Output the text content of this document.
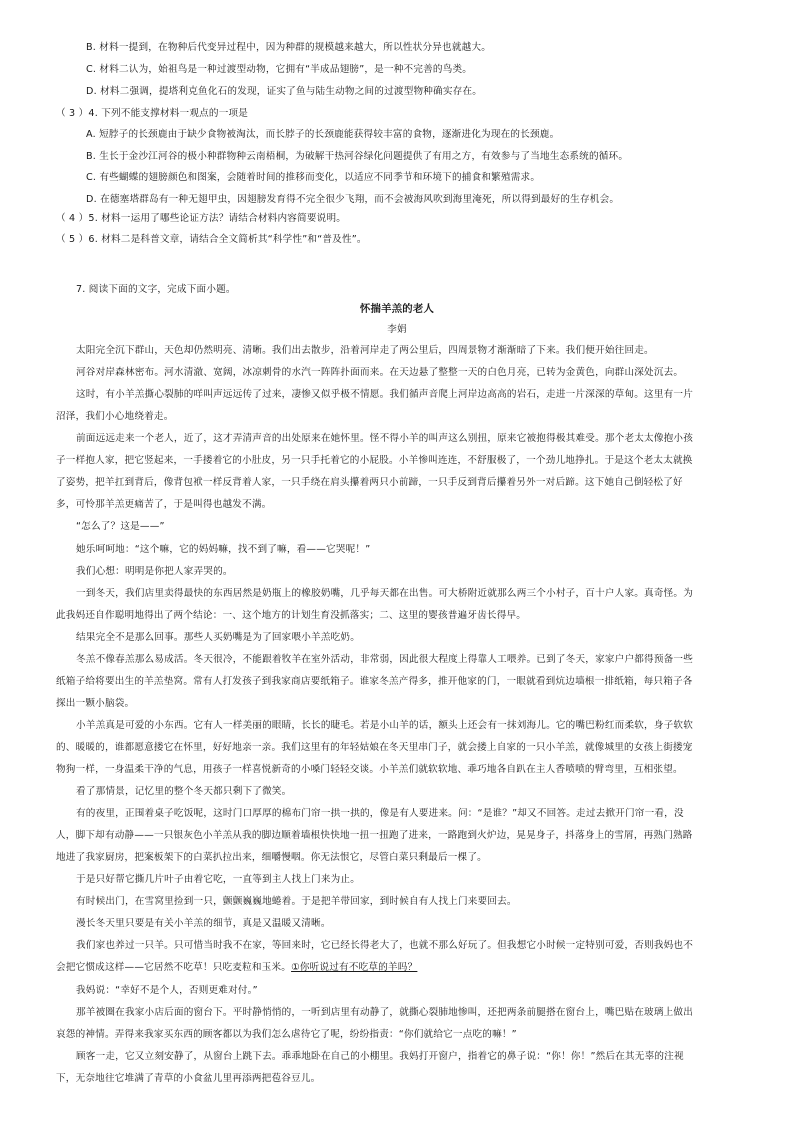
B. 材料一提到，在物种后代变异过程中，因为种群的规模越来越大，所以性状分异也就越大。
C. 材料二认为，始祖鸟是一种过渡型动物，它拥有“半成品翅膀”，是一种不完善的鸟类。
D. 材料二强调，提塔利克鱼化石的发现，证实了鱼与陆生动物之间的过渡型物种确实存在。
（ 3 ）4. 下列不能支撑材料一观点的一项是
A. 短脖子的长颈鹿由于缺少食物被淘汰，而长脖子的长颈鹿能获得较丰富的食物，逐渐进化为现在的长颈鹿。
B. 生长于金沙江河谷的极小种群物种云南梧桐，为破解干热河谷绿化问题提供了有用之方，有效参与了当地生态系统的循环。
C. 有些蝴蝶的翅膀颜色和图案，会随着时间的推移而变化，以适应不同季节和环境下的捕食和繁殖需求。
D. 在德塞塔群岛有一种无翅甲虫，因翅膀发育得不完全很少飞翔，而不会被海风吹到海里淹死，所以得到最好的生存机会。
（ 4 ）5. 材料一运用了哪些论证方法？请结合材料内容简要说明。
（ 5 ）6. 材料二是科普文章，请结合全文简析其“科学性”和“普及性”。
7. 阅读下面的文字，完成下面小题。
怀揣羊羔的老人
李娟
太阳完全沉下群山，天色却仍然明亮、清晰。我们出去散步，沿着河岸走了两公里后，四周景物才渐渐暗了下来。我们便开始往回走。
河谷对岸森林密布。河水清澈、宽阔，冰凉刺骨的水汽一阵阵扑面而来。在天边悬了整整一天的白色月亮，已转为金黄色，向群山深处沉去。
这时，有小羊羔撕心裂肺的咩叫声远远传了过来，凄惨又似乎极不情愿。我们循声音爬上河岸边高高的岩石，走进一片深深的草甸。这里有一片
沼泽，我们小心地绕着走。
前面远远走来一个老人，近了，这才弄清声音的出处原来在她怀里。怪不得小羊的叫声这么别扭，原来它被抱得极其难受。那个老太太像抱小孩
子一样抱人家，把它竖起来，一手搂着它的小肚皮，另一只手托着它的小屁股。小羊惨叫连连，不舒服极了，一个劲儿地挣扎。于是这个老太太就换
了姿势，把羊扛到背后，像背包袱一样反背着人家，一只手绕在肩头攥着两只小前蹄，一只手反到背后攥着另外一对后蹄。这下她自己倒轻松了好
多，可怜那羊羔更痛苦了，于是叫得也越发不满。
“怎么了？这是——”
她乐呵呵地：“这个嘛，它的妈妈嘛，找不到了嘛，看——它哭呢！”
我们心想：明明是你把人家弄哭的。
一到冬天，我们店里卖得最快的东西居然是奶瓶上的橡胶奶嘴，几乎每天都在出售。可大桥附近就那么两三个小村子，百十户人家。真奇怪。为
此我妈还自作聪明地得出了两个结论：一、这个地方的计划生育没抓落实；二、这里的婴孩普遍牙齿长得早。
结果完全不是那么回事。那些人买奶嘴是为了回家喂小羊羔吃奶。
冬羔不像春羔那么易成活。冬天很冷，不能跟着牧羊在室外活动，非常弱，因此很大程度上得靠人工喂养。已到了冬天，家家户户都得预备一些
纸箱子给将要出生的羊羔垫窝。常有人打发孩子到我家商店要纸箱子。谁家冬羔产得多，推开他家的门，一眼就看到炕边墙根一排纸箱，每只箱子各
探出一颗小脑袋。
小羊羔真是可爱的小东西。它有人一样美丽的眼睛，长长的睫毛。若是小山羊的话，额头上还会有一抹刘海儿。它的嘴巴粉红而柔软，身子软软
的、暖暖的，谁都愿意搂它在怀里，好好地亲一亲。我们这里有的年轻姑娘在冬天里串门子，就会搂上自家的一只小羊羔，就像城里的女孩上街搂宠
物狗一样，一身温柔干净的气息，用孩子一样喜悦新奇的小嗓门轻轻交谈。小羊羔们就软软地、乖巧地各自趴在主人香喷喷的臂弯里，互相张望。
看了那情景，记忆里的整个冬天都只剩下了微笑。
有的夜里，正围着桌子吃饭呢，这时门口厚厚的棉布门帘一拱一拱的，像是有人要进来。问：“是谁？”却又不回答。走过去掀开门帘一看，没
人，脚下却有动静——一只银灰色小羊羔从我的脚边顺着墙根快快地一扭一扭跑了进来，一路跑到火炉边，晃晃身子，抖落身上的雪屑，再熟门熟路
地进了我家厨房，把案板架下的白菜扒拉出来，细嚼慢咽。你无法恨它，尽管白菜只剩最后一棵了。
于是只好帮它撕几片叶子由着它吃，一直等到主人找上门来为止。
有时候出门，在雪窝里捡到一只，颤颤巍巍地蜷着。于是把羊带回家，到时候自有人找上门来要回去。
漫长冬天里只要是有关小羊羔的细节，真是又温暖又清晰。
我们家也养过一只羊。只可惜当时我不在家，等回来时，它已经长得老大了，也就不那么好玩了。但我想它小时候一定特别可爱，否则我妈也不
会把它惯成这样——它居然不吃草！只吃麦粒和玉米。①你听说过有不吃草的羊吗？
我妈说：“幸好不是个人，否则更难对付。”
那羊被圈在我家小店后面的窗台下。平时静悄悄的，一听到店里有动静了，就撕心裂肺地惨叫，还把两条前腿搭在窗台上，嘴巴贴在玻璃上做出
哀怨的神情。弄得来我家买东西的顾客都以为我们怎么虐待它了呢，纷纷指责：“你们就给它一点吃的嘛！”
顾客一走，它又立刻安静了，从窗台上跳下去。乖乖地卧在自己的小棚里。我妈打开窗户，指着它的鼻子说：“你！你！”然后在其无辜的注视
下，无奈地往它堆满了青草的小食盆儿里再添两把苞谷豆儿。
